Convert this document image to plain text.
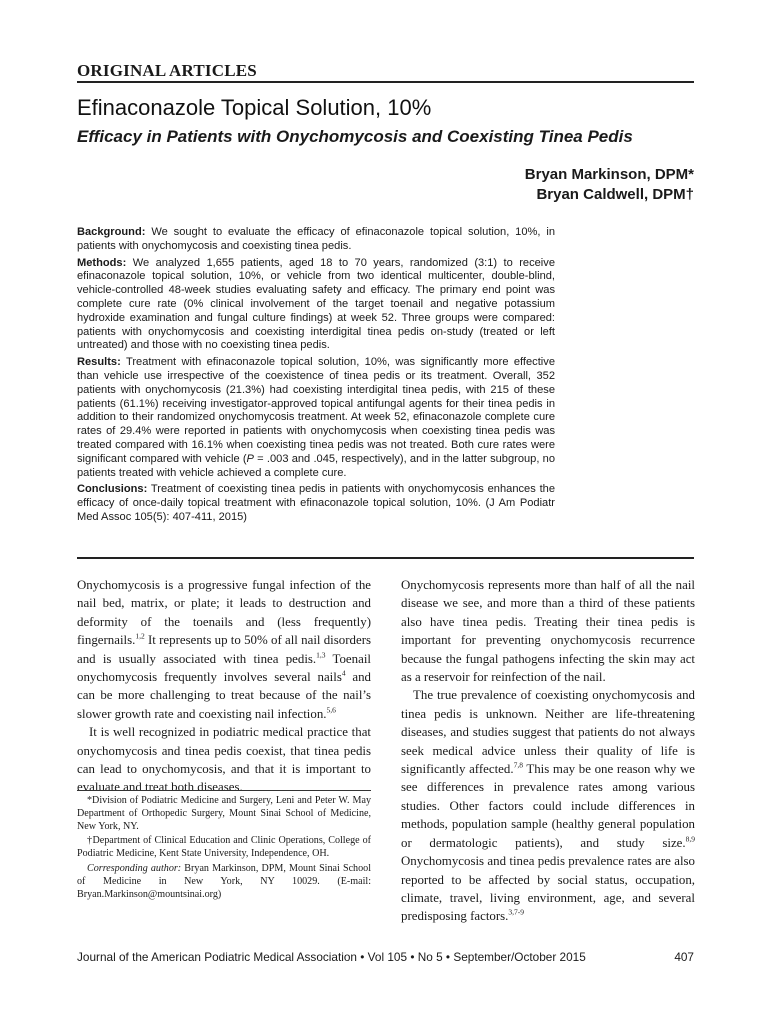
ORIGINAL ARTICLES
Efinaconazole Topical Solution, 10%
Efficacy in Patients with Onychomycosis and Coexisting Tinea Pedis
Bryan Markinson, DPM*
Bryan Caldwell, DPM†

Background: We sought to evaluate the efficacy of efinaconazole topical solution, 10%, in patients with onychomycosis and coexisting tinea pedis.

Methods: We analyzed 1,655 patients, aged 18 to 70 years, randomized (3:1) to receive efinaconazole topical solution, 10%, or vehicle from two identical multicenter, double-blind, vehicle-controlled 48-week studies evaluating safety and efficacy. The primary end point was complete cure rate (0% clinical involvement of the target toenail and negative potassium hydroxide examination and fungal culture findings) at week 52. Three groups were compared: patients with onychomycosis and coexisting interdigital tinea pedis on-study (treated or left untreated) and those with no coexisting tinea pedis.

Results: Treatment with efinaconazole topical solution, 10%, was significantly more effective than vehicle use irrespective of the coexistence of tinea pedis or its treatment. Overall, 352 patients with onychomycosis (21.3%) had coexisting interdigital tinea pedis, with 215 of these patients (61.1%) receiving investigator-approved topical antifungal agents for their tinea pedis in addition to their randomized onychomycosis treatment. At week 52, efinaconazole complete cure rates of 29.4% were reported in patients with onychomycosis when coexisting tinea pedis was treated compared with 16.1% when coexisting tinea pedis was not treated. Both cure rates were significant compared with vehicle (P = .003 and .045, respectively), and in the latter subgroup, no patients treated with vehicle achieved a complete cure.

Conclusions: Treatment of coexisting tinea pedis in patients with onychomycosis enhances the efficacy of once-daily topical treatment with efinaconazole topical solution, 10%. (J Am Podiatr Med Assoc 105(5): 407-411, 2015)

Onychomycosis is a progressive fungal infection of the nail bed, matrix, or plate; it leads to destruction and deformity of the toenails and (less frequently) fingernails.$^{1,2}$ It represents up to 50% of all nail disorders and is usually associated with tinea pedis.$^{1,3}$ Toenail onychomycosis frequently involves several nails$^4$ and can be more challenging to treat because of the nail’s slower growth rate and coexisting nail infection.$^{5,6}$

It is well recognized in podiatric medical practice that onychomycosis and tinea pedis coexist, that tinea pedis can lead to onychomycosis, and that it is important to evaluate and treat both diseases.

*Division of Podiatric Medicine and Surgery, Leni and Peter W. May Department of Orthopedic Surgery, Mount Sinai School of Medicine, New York, NY.

†Department of Clinical Education and Clinic Operations, College of Podiatric Medicine, Kent State University, Independence, OH.

Corresponding author: Bryan Markinson, DPM, Mount Sinai School of Medicine in New York, NY 10029. (E-mail: Bryan.Markinson@mountsinai.org)

Onychomycosis represents more than half of all the nail disease we see, and more than a third of these patients also have tinea pedis. Treating their tinea pedis is important for preventing onychomycosis recurrence because the fungal pathogens infecting the skin may act as a reservoir for reinfection of the nail.

The true prevalence of coexisting onychomycosis and tinea pedis is unknown. Neither are life-threatening diseases, and studies suggest that patients do not always seek medical advice unless their quality of life is significantly affected.$^{7,8}$ This may be one reason why we see differences in prevalence rates among various studies. Other factors could include differences in methods, population sample (healthy general population or dermatologic patients), and study size.$^{8,9}$ Onychomycosis and tinea pedis prevalence rates are also reported to be affected by social status, occupation, climate, travel, living environment, age, and several predisposing factors.$^{3,7-9}$

Journal of the American Podiatric Medical Association • Vol 105 • No 5 • September/October 2015	407
